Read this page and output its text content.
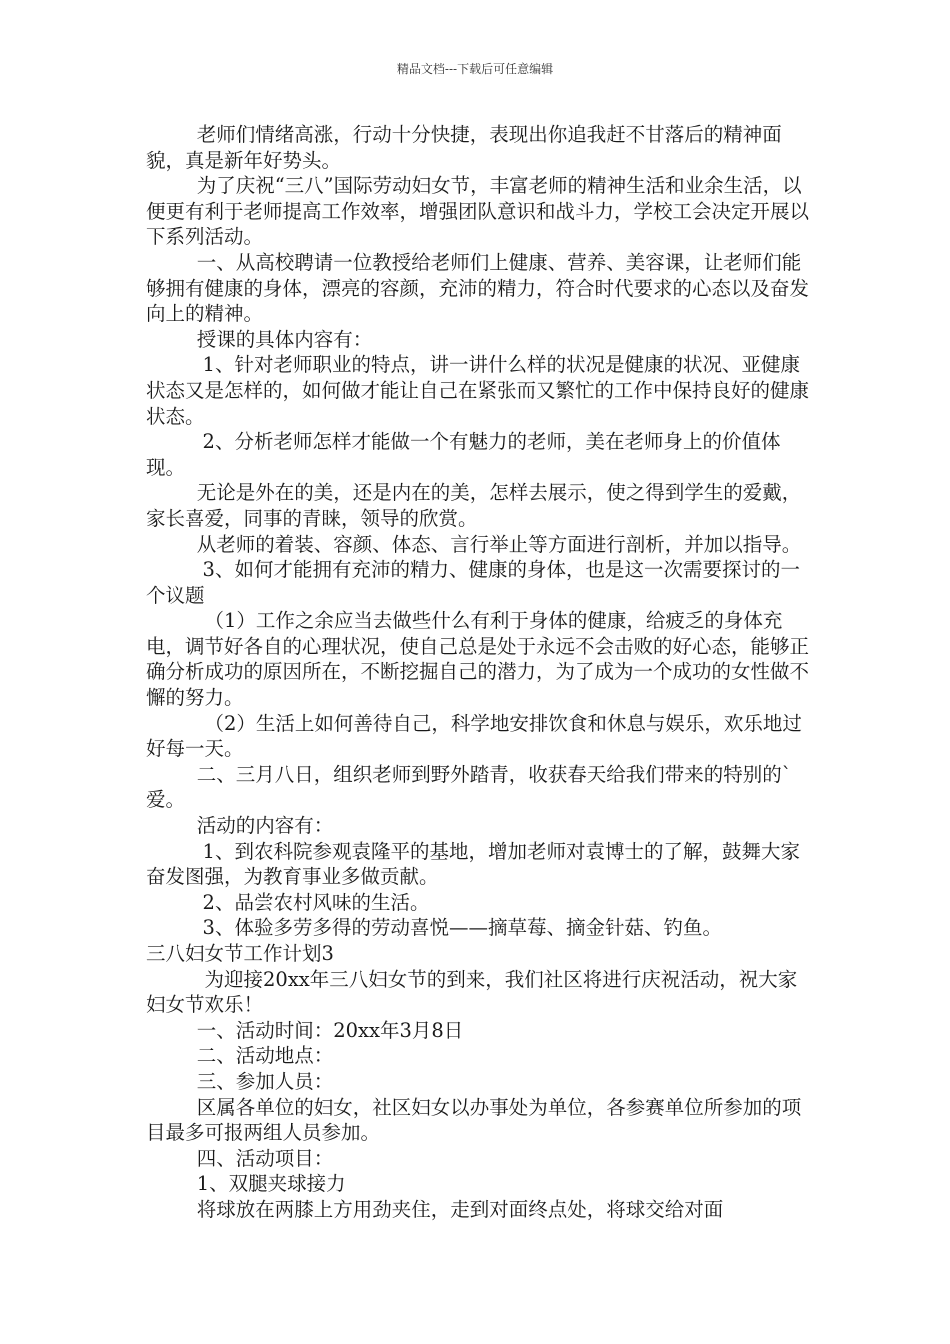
精品文档---下载后可任意编辑

老师们情绪高涨，行动十分快捷，表现出你追我赶不甘落后的精神面貌，真是新年好势头。

为了庆祝“三八”国际劳动妇女节，丰富老师的精神生活和业余生活，以便更有利于老师提高工作效率，增强团队意识和战斗力，学校工会决定开展以下系列活动。

一、从高校聘请一位教授给老师们上健康、营养、美容课，让老师们能够拥有健康的身体，漂亮的容颜，充沛的精力，符合时代要求的心态以及奋发向上的精神。

授课的具体内容有：

1、针对老师职业的特点，讲一讲什么样的状况是健康的状况、亚健康状态又是怎样的，如何做才能让自己在紧张而又繁忙的工作中保持良好的健康状态。

2、分析老师怎样才能做一个有魅力的老师，美在老师身上的价值体现。

无论是外在的美，还是内在的美，怎样去展示，使之得到学生的爱戴，家长喜爱，同事的青睐，领导的欣赏。

从老师的着装、容颜、体态、言行举止等方面进行剖析，并加以指导。

3、如何才能拥有充沛的精力、健康的身体，也是这一次需要探讨的一个议题

（1）工作之余应当去做些什么有利于身体的健康，给疲乏的身体充电，调节好各自的心理状况，使自己总是处于永远不会击败的好心态，能够正确分析成功的原因所在，不断挖掘自己的潜力，为了成为一个成功的女性做不懈的努力。

（2）生活上如何善待自己，科学地安排饮食和休息与娱乐，欢乐地过好每一天。

二、三月八日，组织老师到野外踏青，收获春天给我们带来的特别的`爱。

活动的内容有：

1、到农科院参观袁隆平的基地，增加老师对袁博士的了解，鼓舞大家奋发图强，为教育事业多做贡献。

2、品尝农村风味的生活。

3、体验多劳多得的劳动喜悦——摘草莓、摘金针菇、钓鱼。

三八妇女节工作计划3

为迎接20xx年三八妇女节的到来，我们社区将进行庆祝活动，祝大家妇女节欢乐！

一、活动时间：20xx年3月8日

二、活动地点：

三、参加人员：

区属各单位的妇女，社区妇女以办事处为单位，各参赛单位所参加的项目最多可报两组人员参加。

四、活动项目：

1、双腿夹球接力

将球放在两膝上方用劲夹住，走到对面终点处，将球交给对面
